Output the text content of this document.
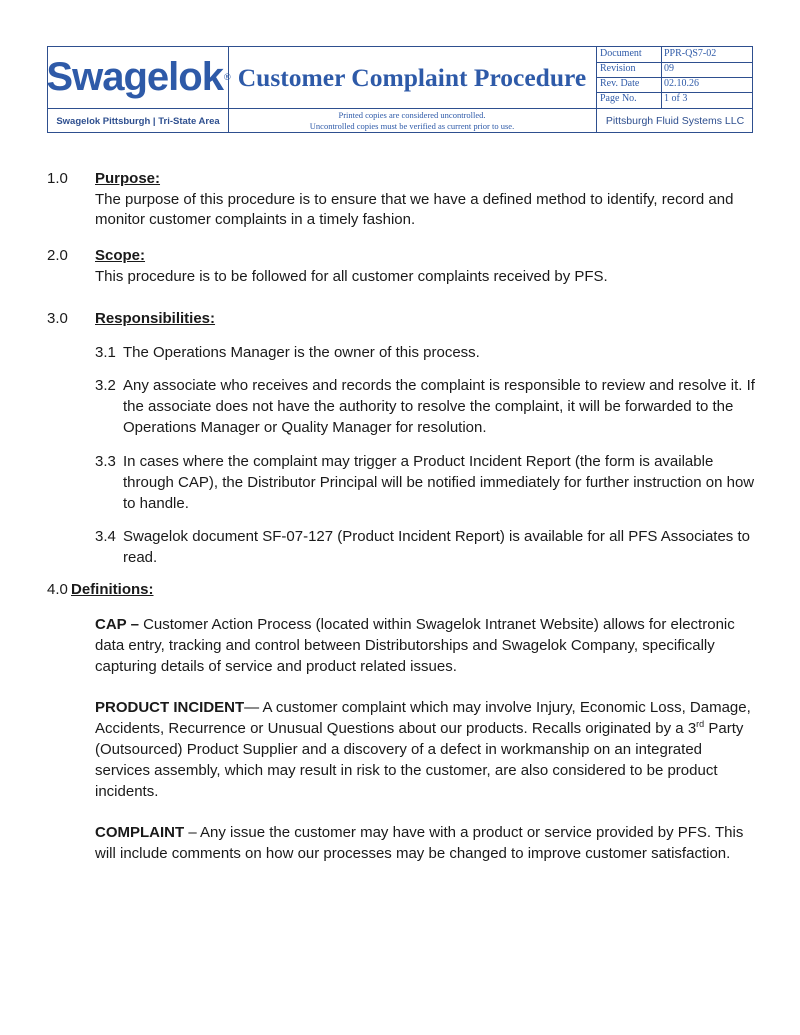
Swagelok ® Customer Complaint Procedure
Document PPR-QS7-02
Revision	09
Rev. Date 02.10.26
Page No.	1 of 3
Swagelok Pittsburgh | Tri-State Area
Printed copies are considered uncontrolled.
Uncontrolled copies must be verified as current prior to use.	Pittsburgh Fluid Systems LLC
1.0 Purpose:
The purpose of this procedure is to ensure that we have a defined method to identify, record and monitor customer complaints in a timely fashion.
2.0 Scope:
This procedure is to be followed for all customer complaints received by PFS.
3.0 Responsibilities:
3.1 The Operations Manager is the owner of this process.
3.2 Any associate who receives and records the complaint is responsible to review and resolve it. If the associate does not have the authority to resolve the complaint, it will be forwarded to the Operations Manager or Quality Manager for resolution.
3.3 In cases where the complaint may trigger a Product Incident Report (the form is available through CAP), the Distributor Principal will be notified immediately for further instruction on how to handle.
3.4 Swagelok document SF-07-127 (Product Incident Report) is available for all PFS Associates to read.
4.0 Definitions:
CAP – Customer Action Process (located within Swagelok Intranet Website) allows for electronic data entry, tracking and control between Distributorships and Swagelok Company, specifically capturing details of service and product related issues.
PRODUCT INCIDENT— A customer complaint which may involve Injury, Economic Loss, Damage, Accidents, Recurrence or Unusual Questions about our products. Recalls originated by a 3rd Party (Outsourced) Product Supplier and a discovery of a defect in workmanship on an integrated services assembly, which may result in risk to the customer, are also considered to be product incidents.
COMPLAINT – Any issue the customer may have with a product or service provided by PFS. This will include comments on how our processes may be changed to improve customer satisfaction.
